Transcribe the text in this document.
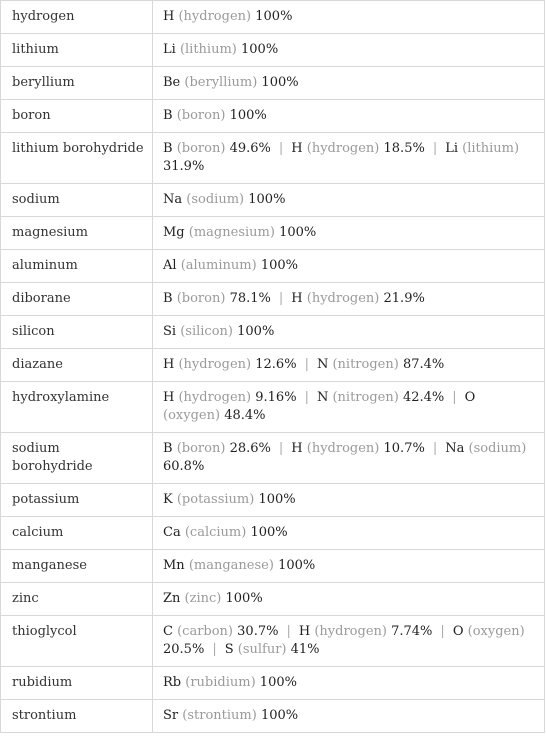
hydrogen	H (hydrogen) 100%
lithium	Li (lithium) 100%
beryllium	Be (beryllium) 100%
boron	B (boron) 100%
lithium borohydride	B (boron) 49.6% | H (hydrogen) 18.5% | Li (lithium) 31.9%
sodium	Na (sodium) 100%
magnesium	Mg (magnesium) 100%
aluminum	Al (aluminum) 100%
diborane	B (boron) 78.1% | H (hydrogen) 21.9%
silicon	Si (silicon) 100%
diazane	H (hydrogen) 12.6% | N (nitrogen) 87.4%
hydroxylamine	H (hydrogen) 9.16% | N (nitrogen) 42.4% | O (oxygen) 48.4%
sodium borohydride	B (boron) 28.6% | H (hydrogen) 10.7% | Na (sodium) 60.8%
potassium	K (potassium) 100%
calcium	Ca (calcium) 100%
manganese	Mn (manganese) 100%
zinc	Zn (zinc) 100%
thioglycol	C (carbon) 30.7% | H (hydrogen) 7.74% | O (oxygen) 20.5% | S (sulfur) 41%
rubidium	Rb (rubidium) 100%
strontium	Sr (strontium) 100%
